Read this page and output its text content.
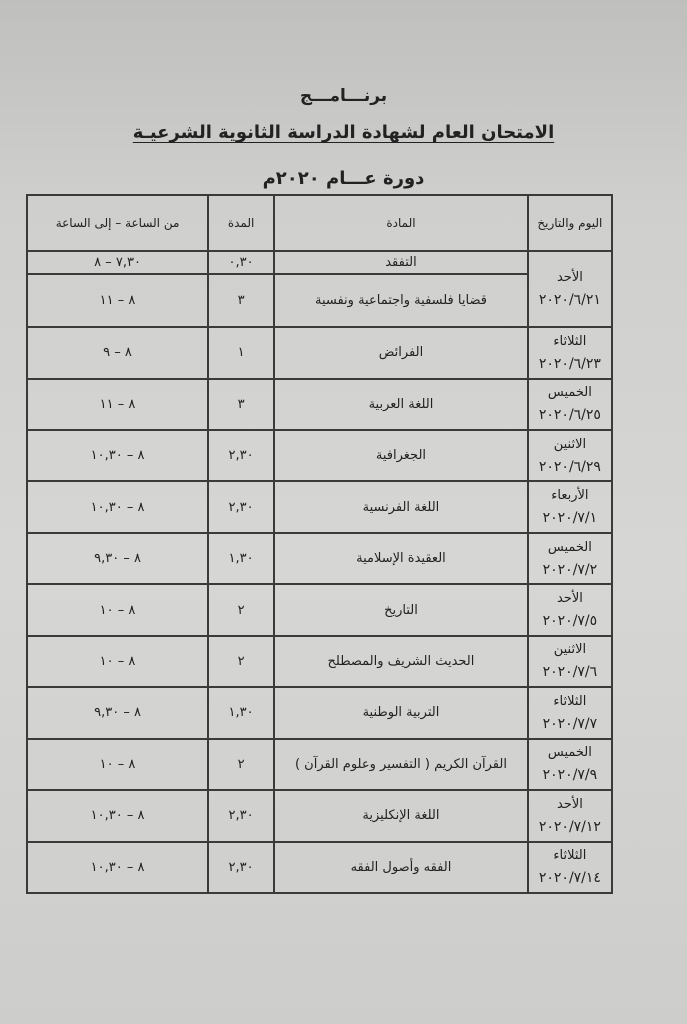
برنـــامـــج
الامتحان العام لشهادة الدراسة الثانوية الشرعيـة
دورة عـــام ٢٠٢٠م
اليوم والتاريخ	المادة	المدة	من الساعة – إلى الساعة

الأحد
٢٠٢٠/٦/٢١	التفقد	٠,٣٠	٧,٣٠ – ٨
	قضايا فلسفية واجتماعية ونفسية	٣	٨ – ١١

الثلاثاء
٢٠٢٠/٦/٢٣	الفرائض	١	٨ – ٩

الخميس
٢٠٢٠/٦/٢٥	اللغة العربية	٣	٨ – ١١

الاثنين
٢٠٢٠/٦/٢٩	الجغرافية	٢,٣٠	٨ – ١٠,٣٠

الأربعاء
٢٠٢٠/٧/١	اللغة الفرنسية	٢,٣٠	٨ – ١٠,٣٠

الخميس
٢٠٢٠/٧/٢	العقيدة الإسلامية	١,٣٠	٨ – ٩,٣٠

الأحد
٢٠٢٠/٧/٥	التاريخ	٢	٨ – ١٠

الاثنين
٢٠٢٠/٧/٦	الحديث الشريف والمصطلح	٢	٨ – ١٠

الثلاثاء
٢٠٢٠/٧/٧	التربية الوطنية	١,٣٠	٨ – ٩,٣٠

الخميس
٢٠٢٠/٧/٩	القرآن الكريم ( التفسير وعلوم القرآن )	٢	٨ – ١٠

الأحد
٢٠٢٠/٧/١٢	اللغة الإنكليزية	٢,٣٠	٨ – ١٠,٣٠

الثلاثاء
٢٠٢٠/٧/١٤	الفقه وأصول الفقه	٢,٣٠	٨ – ١٠,٣٠
